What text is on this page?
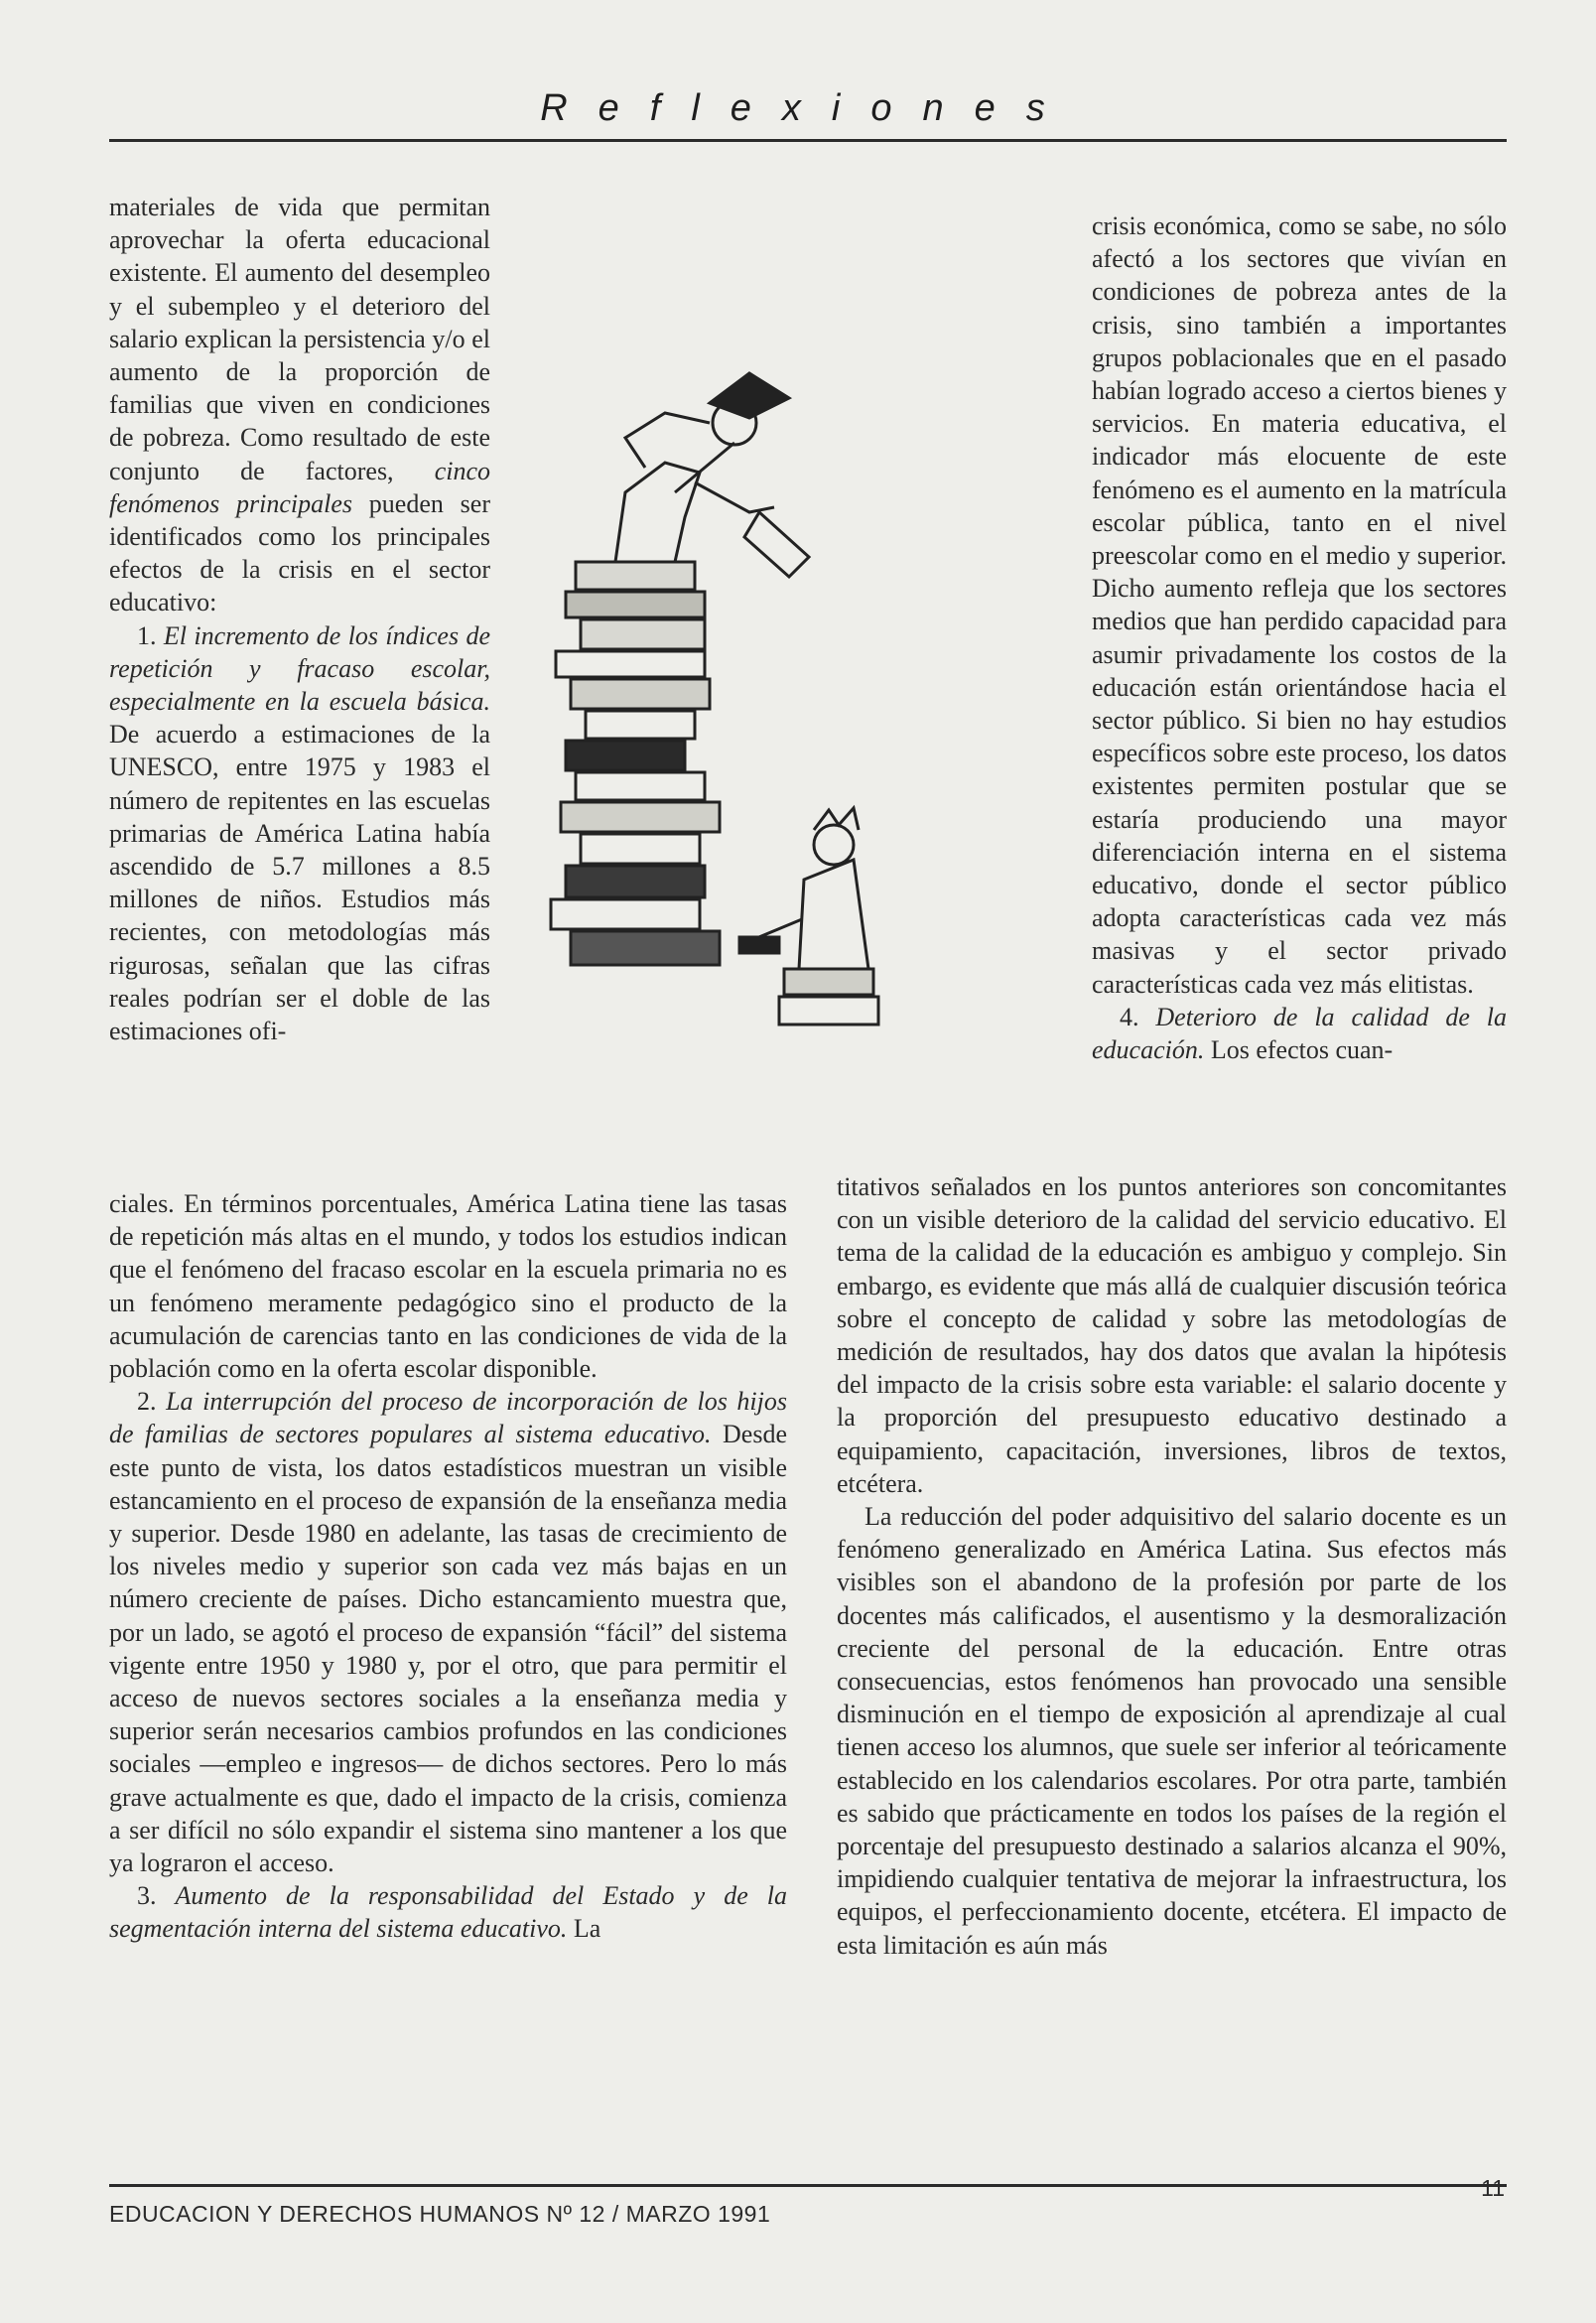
Reflexiones

materiales de vida que permitan aprovechar la oferta educacional existente. El aumento del desempleo y el subempleo y el deterioro del salario explican la persistencia y/o el aumento de la proporción de familias que viven en condiciones de pobreza. Como resultado de este conjunto de factores, cinco fenómenos principales pueden ser identificados como los principales efectos de la crisis en el sector educativo:

1. El incremento de los índices de repetición y fracaso escolar, especialmente en la escuela básica. De acuerdo a estimaciones de la UNESCO, entre 1975 y 1983 el número de repitentes en las escuelas primarias de América Latina había ascendido de 5.7 millones a 8.5 millones de niños. Estudios más recientes, con metodologías más rigurosas, señalan que las cifras reales podrían ser el doble de las estimaciones ofi-

ciales. En términos porcentuales, América Latina tiene las tasas de repetición más altas en el mundo, y todos los estudios indican que el fenómeno del fracaso escolar en la escuela primaria no es un fenómeno meramente pedagógico sino el producto de la acumulación de carencias tanto en las condiciones de vida de la población como en la oferta escolar disponible.

2. La interrupción del proceso de incorporación de los hijos de familias de sectores populares al sistema educativo. Desde este punto de vista, los datos estadísticos muestran un visible estancamiento en el proceso de expansión de la enseñanza media y superior. Desde 1980 en adelante, las tasas de crecimiento de los niveles medio y superior son cada vez más bajas en un número creciente de países. Dicho estancamiento muestra que, por un lado, se agotó el proceso de expansión “fácil” del sistema vigente entre 1950 y 1980 y, por el otro, que para permitir el acceso de nuevos sectores sociales a la enseñanza media y superior serán necesarios cambios profundos en las condiciones sociales —empleo e ingresos— de dichos sectores. Pero lo más grave actualmente es que, dado el impacto de la crisis, comienza a ser difícil no sólo expandir el sistema sino mantener a los que ya lograron el acceso.

3. Aumento de la responsabilidad del Estado y de la segmentación interna del sistema educativo. La

crisis económica, como se sabe, no sólo afectó a los sectores que vivían en condiciones de pobreza antes de la crisis, sino también a importantes grupos poblacionales que en el pasado habían logrado acceso a ciertos bienes y servicios. En materia educativa, el indicador más elocuente de este fenómeno es el aumento en la matrícula escolar pública, tanto en el nivel preescolar como en el medio y superior. Dicho aumento refleja que los sectores medios que han perdido capacidad para asumir privadamente los costos de la educación están orientándose hacia el sector público. Si bien no hay estudios específicos sobre este proceso, los datos existentes permiten postular que se estaría produciendo una mayor diferenciación interna en el sistema educativo, donde el sector público adopta características cada vez más masivas y el sector privado características cada vez más elitistas.

4. Deterioro de la calidad de la educación. Los efectos cuan-

titativos señalados en los puntos anteriores son concomitantes con un visible deterioro de la calidad del servicio educativo. El tema de la calidad de la educación es ambiguo y complejo. Sin embargo, es evidente que más allá de cualquier discusión teórica sobre el concepto de calidad y sobre las metodologías de medición de resultados, hay dos datos que avalan la hipótesis del impacto de la crisis sobre esta variable: el salario docente y la proporción del presupuesto educativo destinado a equipamiento, capacitación, inversiones, libros de textos, etcétera.

La reducción del poder adquisitivo del salario docente es un fenómeno generalizado en América Latina. Sus efectos más visibles son el abandono de la profesión por parte de los docentes más calificados, el ausentismo y la desmoralización creciente del personal de la educación. Entre otras consecuencias, estos fenómenos han provocado una sensible disminución en el tiempo de exposición al aprendizaje al cual tienen acceso los alumnos, que suele ser inferior al teóricamente establecido en los calendarios escolares. Por otra parte, también es sabido que prácticamente en todos los países de la región el porcentaje del presupuesto destinado a salarios alcanza el 90%, impidiendo cualquier tentativa de mejorar la infraestructura, los equipos, el perfeccionamiento docente, etcétera. El impacto de esta limitación es aún más

EDUCACION Y DERECHOS HUMANOS Nº 12 / MARZO 1991
11
